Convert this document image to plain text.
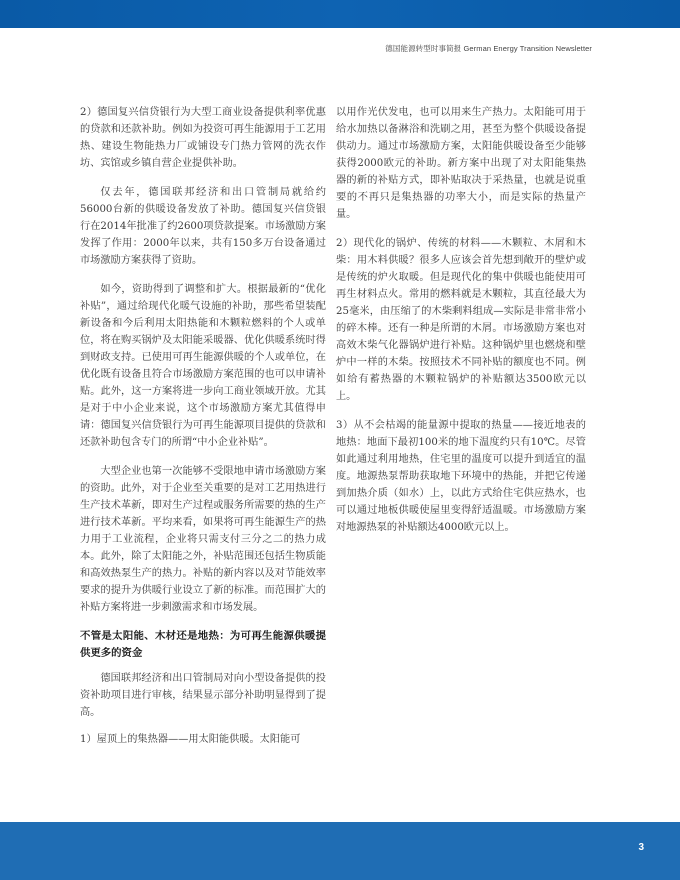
德国能源转型时事简报 German Energy Transition Newsletter

2）德国复兴信贷银行为大型工商业设备提供利率优惠的贷款和还款补助。例如为投资可再生能源用于工艺用热、建设生物能热力厂或铺设专门热力管网的洗衣作坊、宾馆或乡镇自营企业提供补助。

仅去年，德国联邦经济和出口管制局就给约56000台新的供暖设备发放了补助。德国复兴信贷银行在2014年批准了约2600项贷款提案。市场激励方案发挥了作用：2000年以来，共有150多万台设备通过市场激励方案获得了资助。

如今，资助得到了调整和扩大。根据最新的“优化补贴”，通过给现代化暖气设施的补助，那些希望装配新设备和今后利用太阳热能和木颗粒燃料的个人或单位，将在购买锅炉及太阳能采暖器、优化供暖系统时得到财政支持。已使用可再生能源供暖的个人或单位，在优化既有设备且符合市场激励方案范围的也可以申请补贴。此外，这一方案将进一步向工商业领域开放。尤其是对于中小企业来说，这个市场激励方案尤其值得申请：德国复兴信贷银行为可再生能源项目提供的贷款和还款补助包含专门的所谓“中小企业补贴”。

大型企业也第一次能够不受限地申请市场激励方案的资助。此外，对于企业至关重要的是对工艺用热进行生产技术革新，即对生产过程或服务所需要的热的生产进行技术革新。平均来看，如果将可再生能源生产的热力用于工业流程，企业将只需支付三分之二的热力成本。此外，除了太阳能之外，补贴范围还包括生物质能和高效热泵生产的热力。补贴的新内容以及对节能效率要求的提升为供暖行业设立了新的标准。而范围扩大的补贴方案将进一步刺激需求和市场发展。

不管是太阳能、木材还是地热：为可再生能源供暖提供更多的资金

德国联邦经济和出口管制局对向小型设备提供的投资补助项目进行审核，结果显示部分补助明显得到了提高。

1）屋顶上的集热器——用太阳能供暖。太阳能可

以用作光伏发电，也可以用来生产热力。太阳能可用于给水加热以备淋浴和洗刷之用，甚至为整个供暖设备提供动力。通过市场激励方案，太阳能供暖设备至少能够获得2000欧元的补助。新方案中出现了对太阳能集热器的新的补贴方式，即补贴取决于采热量，也就是说重要的不再只是集热器的功率大小，而是实际的热量产量。

2）现代化的锅炉、传统的材料——木颗粒、木屑和木柴：用木料供暖？很多人应该会首先想到敞开的壁炉或是传统的炉火取暖。但是现代化的集中供暖也能使用可再生材料点火。常用的燃料就是木颗粒，其直径最大为25毫米，由压缩了的木柴剩料组成—实际是非常非常小的碎木棒。还有一种是所谓的木屑。市场激励方案也对高效木柴气化器锅炉进行补贴。这种锅炉里也燃烧和壁炉中一样的木柴。按照技术不同补贴的额度也不同。例如给有蓄热器的木颗粒锅炉的补贴额达3500欧元以上。

3）从不会枯竭的能量源中提取的热量——接近地表的地热：地面下最初100米的地下温度约只有10℃。尽管如此通过利用地热，住宅里的温度可以提升到适宜的温度。地源热泵帮助获取地下环境中的热能，并把它传递到加热介质（如水）上，以此方式给住宅供应热水，也可以通过地板供暖使屋里变得舒适温暖。市场激励方案对地源热泵的补贴额达4000欧元以上。

3
